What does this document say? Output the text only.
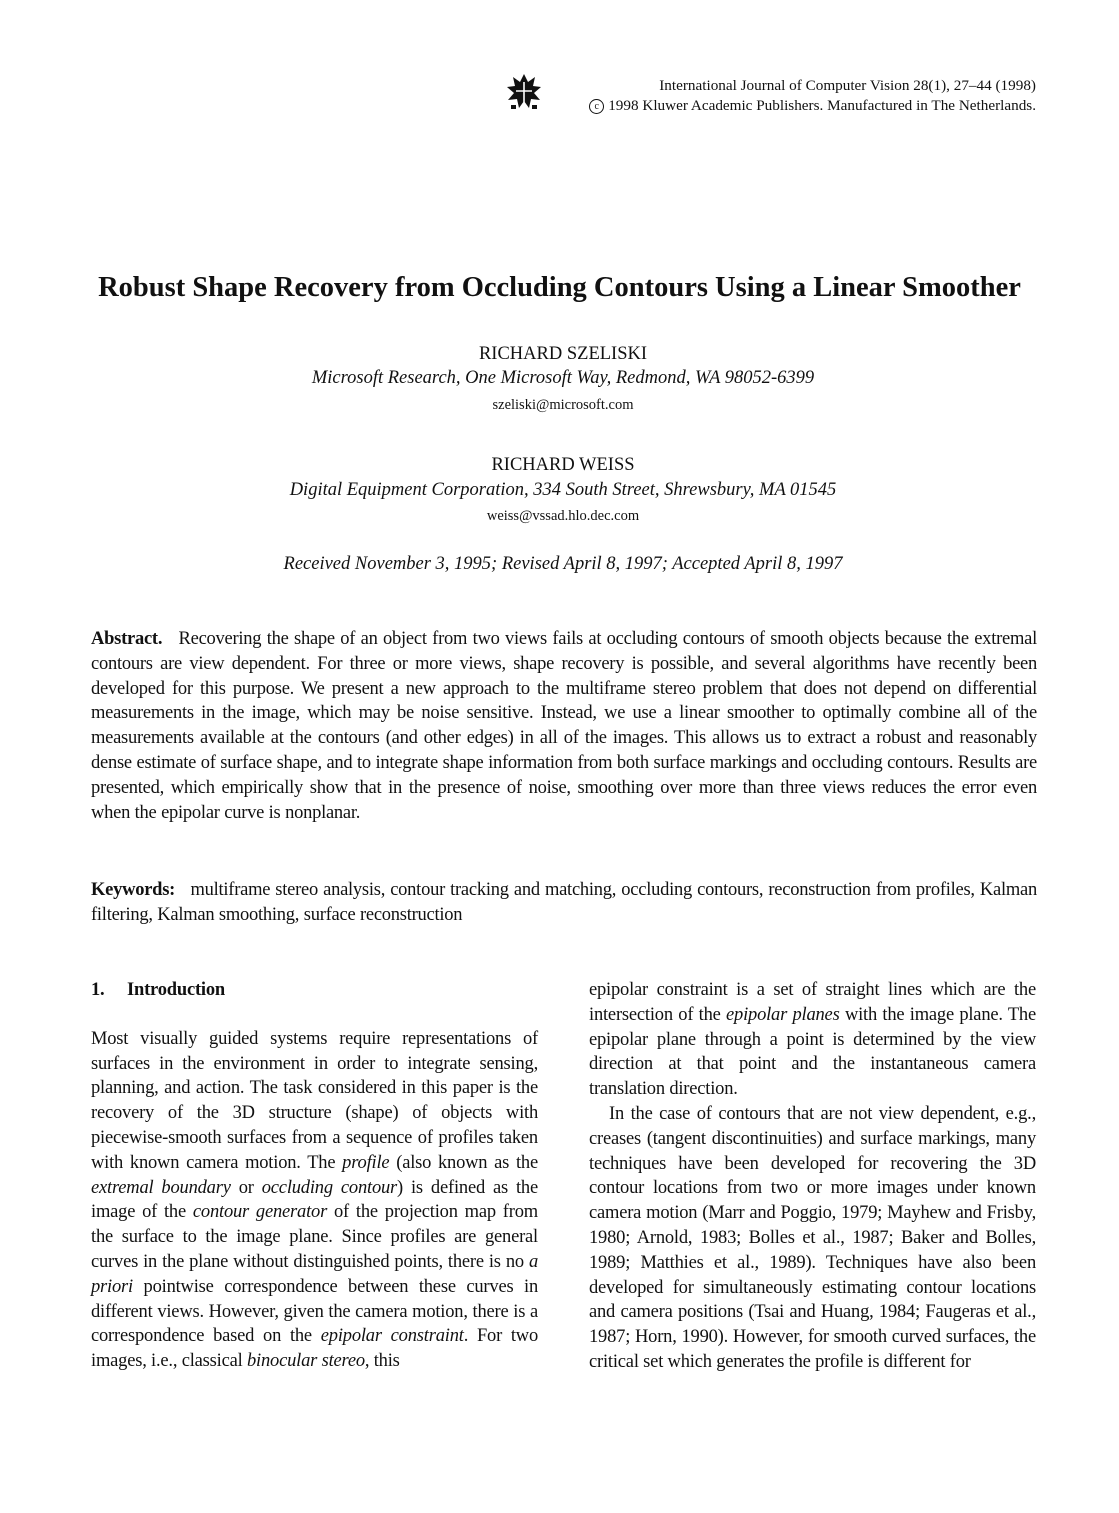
International Journal of Computer Vision 28(1), 27–44 (1998)
c 1998 Kluwer Academic Publishers. Manufactured in The Netherlands.
Robust Shape Recovery from Occluding Contours Using a Linear Smoother
RICHARD SZELISKI
Microsoft Research, One Microsoft Way, Redmond, WA 98052-6399
szeliski@microsoft.com
RICHARD WEISS
Digital Equipment Corporation, 334 South Street, Shrewsbury, MA 01545
weiss@vssad.hlo.dec.com
Received November 3, 1995; Revised April 8, 1997; Accepted April 8, 1997
Abstract. Recovering the shape of an object from two views fails at occluding contours of smooth objects because the extremal contours are view dependent. For three or more views, shape recovery is possible, and several algorithms have recently been developed for this purpose. We present a new approach to the multiframe stereo problem that does not depend on differential measurements in the image, which may be noise sensitive. Instead, we use a linear smoother to optimally combine all of the measurements available at the contours (and other edges) in all of the images. This allows us to extract a robust and reasonably dense estimate of surface shape, and to integrate shape information from both surface markings and occluding contours. Results are presented, which empirically show that in the presence of noise, smoothing over more than three views reduces the error even when the epipolar curve is nonplanar.
Keywords: multiframe stereo analysis, contour tracking and matching, occluding contours, reconstruction from profiles, Kalman filtering, Kalman smoothing, surface reconstruction
1. Introduction

Most visually guided systems require representations of surfaces in the environment in order to integrate sensing, planning, and action. The task considered in this paper is the recovery of the 3D structure (shape) of objects with piecewise-smooth surfaces from a sequence of profiles taken with known camera motion. The profile (also known as the extremal boundary or occluding contour) is defined as the image of the contour generator of the projection map from the surface to the image plane. Since profiles are general curves in the plane without distinguished points, there is no a priori pointwise correspondence between these curves in different views. However, given the camera motion, there is a correspondence based on the epipolar constraint. For two images, i.e., classical binocular stereo, this

epipolar constraint is a set of straight lines which are the intersection of the epipolar planes with the image plane. The epipolar plane through a point is determined by the view direction at that point and the instantaneous camera translation direction.

In the case of contours that are not view dependent, e.g., creases (tangent discontinuities) and surface markings, many techniques have been developed for recovering the 3D contour locations from two or more images under known camera motion (Marr and Poggio, 1979; Mayhew and Frisby, 1980; Arnold, 1983; Bolles et al., 1987; Baker and Bolles, 1989; Matthies et al., 1989). Techniques have also been developed for simultaneously estimating contour locations and camera positions (Tsai and Huang, 1984; Faugeras et al., 1987; Horn, 1990). However, for smooth curved surfaces, the critical set which generates the profile is different for
